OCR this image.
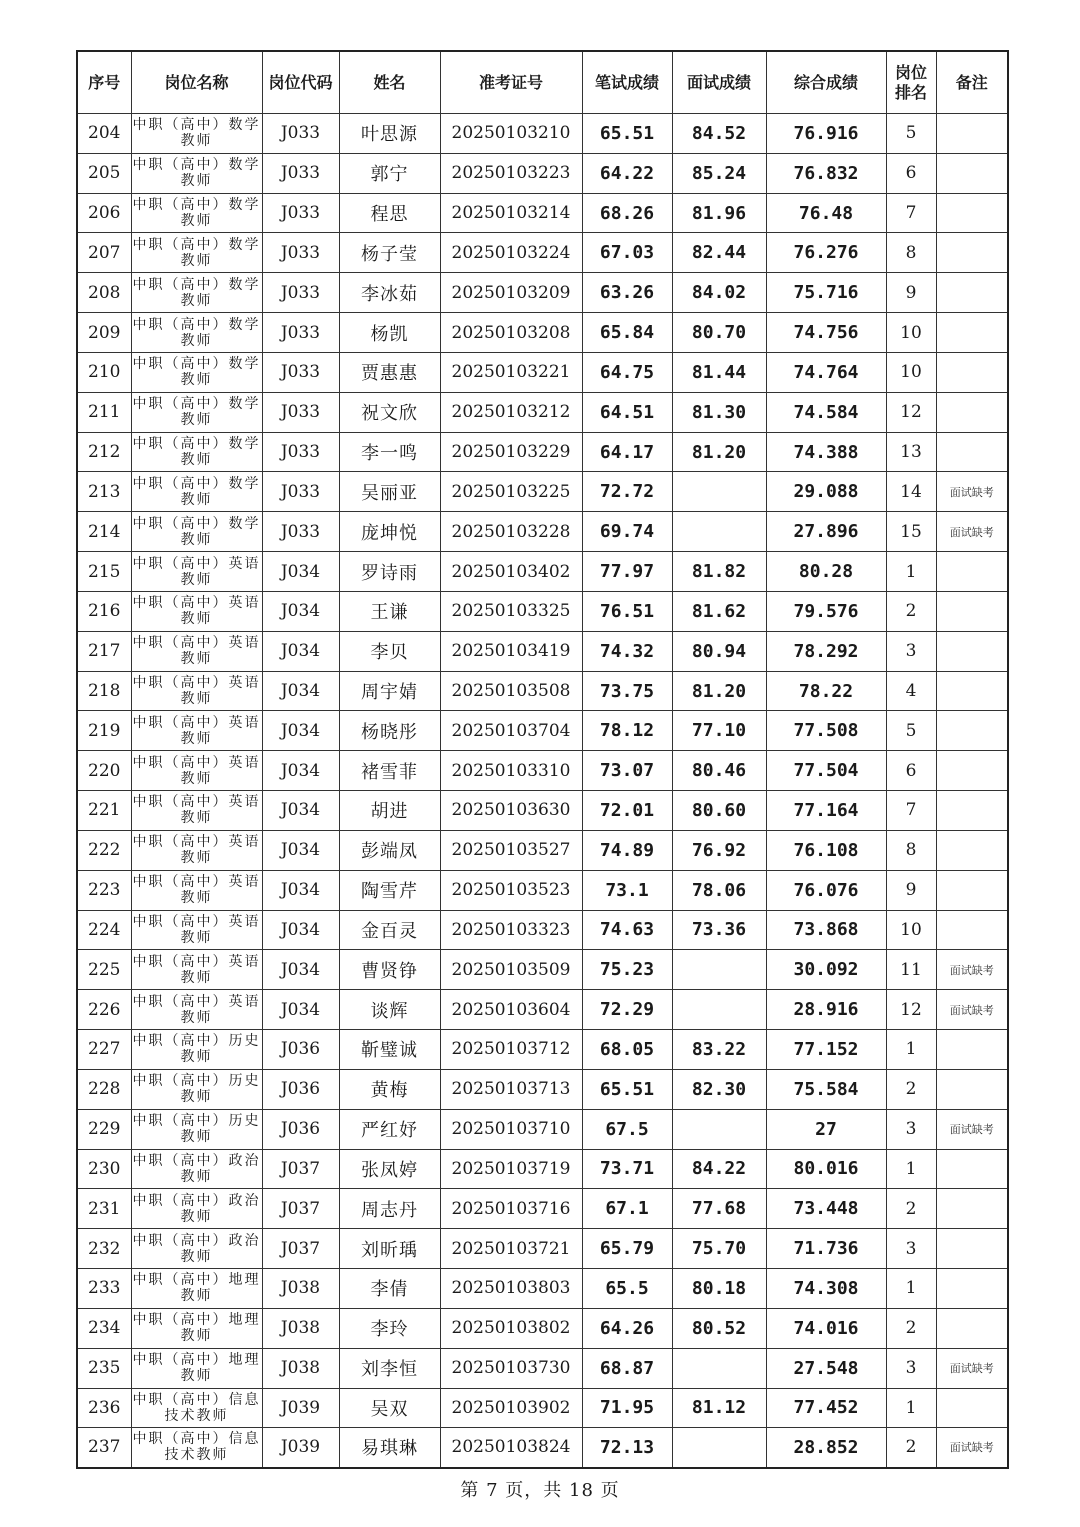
序号	岗位名称	岗位代码	姓名	准考证号	笔试成绩	面试成绩	综合成绩	岗位排名	备注
204	中职（高中）数学教师	J033	叶思源	20250103210	65.51	84.52	76.916	5	
205	中职（高中）数学教师	J033	郭宁	20250103223	64.22	85.24	76.832	6	
206	中职（高中）数学教师	J033	程思	20250103214	68.26	81.96	76.48	7	
207	中职（高中）数学教师	J033	杨子莹	20250103224	67.03	82.44	76.276	8	
208	中职（高中）数学教师	J033	李冰茹	20250103209	63.26	84.02	75.716	9	
209	中职（高中）数学教师	J033	杨凯	20250103208	65.84	80.70	74.756	10	
210	中职（高中）数学教师	J033	贾惠惠	20250103221	64.75	81.44	74.764	10	
211	中职（高中）数学教师	J033	祝文欣	20250103212	64.51	81.30	74.584	12	
212	中职（高中）数学教师	J033	李一鸣	20250103229	64.17	81.20	74.388	13	
213	中职（高中）数学教师	J033	吴丽亚	20250103225	72.72		29.088	14	面试缺考
214	中职（高中）数学教师	J033	庞坤悦	20250103228	69.74		27.896	15	面试缺考
215	中职（高中）英语教师	J034	罗诗雨	20250103402	77.97	81.82	80.28	1	
216	中职（高中）英语教师	J034	王谦	20250103325	76.51	81.62	79.576	2	
217	中职（高中）英语教师	J034	李贝	20250103419	74.32	80.94	78.292	3	
218	中职（高中）英语教师	J034	周宇婧	20250103508	73.75	81.20	78.22	4	
219	中职（高中）英语教师	J034	杨晓彤	20250103704	78.12	77.10	77.508	5	
220	中职（高中）英语教师	J034	褚雪菲	20250103310	73.07	80.46	77.504	6	
221	中职（高中）英语教师	J034	胡进	20250103630	72.01	80.60	77.164	7	
222	中职（高中）英语教师	J034	彭端凤	20250103527	74.89	76.92	76.108	8	
223	中职（高中）英语教师	J034	陶雪芹	20250103523	73.1	78.06	76.076	9	
224	中职（高中）英语教师	J034	金百灵	20250103323	74.63	73.36	73.868	10	
225	中职（高中）英语教师	J034	曹贤铮	20250103509	75.23		30.092	11	面试缺考
226	中职（高中）英语教师	J034	谈辉	20250103604	72.29		28.916	12	面试缺考
227	中职（高中）历史教师	J036	靳璧诚	20250103712	68.05	83.22	77.152	1	
228	中职（高中）历史教师	J036	黄梅	20250103713	65.51	82.30	75.584	2	
229	中职（高中）历史教师	J036	严红妤	20250103710	67.5		27	3	面试缺考
230	中职（高中）政治教师	J037	张凤婷	20250103719	73.71	84.22	80.016	1	
231	中职（高中）政治教师	J037	周志丹	20250103716	67.1	77.68	73.448	2	
232	中职（高中）政治教师	J037	刘昕瑀	20250103721	65.79	75.70	71.736	3	
233	中职（高中）地理教师	J038	李倩	20250103803	65.5	80.18	74.308	1	
234	中职（高中）地理教师	J038	李玲	20250103802	64.26	80.52	74.016	2	
235	中职（高中）地理教师	J038	刘李恒	20250103730	68.87		27.548	3	面试缺考
236	中职（高中）信息技术教师	J039	吴双	20250103902	71.95	81.12	77.452	1	
237	中职（高中）信息技术教师	J039	易琪琳	20250103824	72.13		28.852	2	面试缺考
第 7 页，共 18 页
